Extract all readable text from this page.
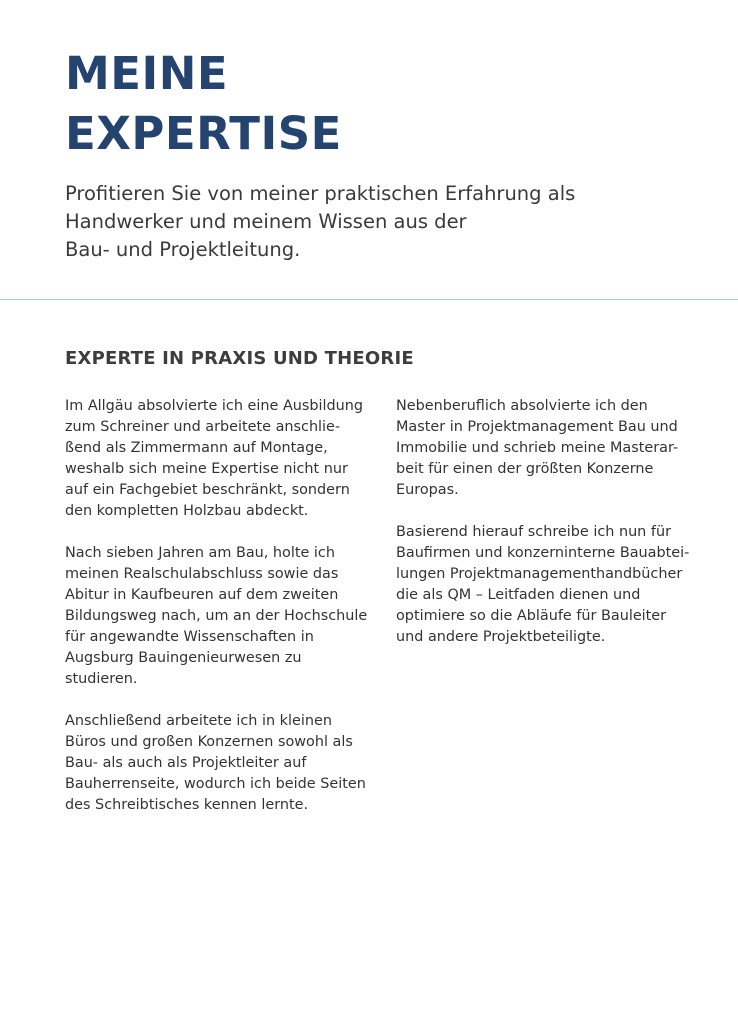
MEINE
EXPERTISE

Profitieren Sie von meiner praktischen Erfahrung als
Handwerker und meinem Wissen aus der
Bau- und Projektleitung.

EXPERTE IN PRAXIS UND THEORIE

Im Allgäu absolvierte ich eine Ausbildung
zum Schreiner und arbeitete anschlie-
ßend als Zimmermann auf Montage,
weshalb sich meine Expertise nicht nur
auf ein Fachgebiet beschränkt, sondern
den kompletten Holzbau abdeckt.

Nach sieben Jahren am Bau, holte ich
meinen Realschulabschluss sowie das
Abitur in Kaufbeuren auf dem zweiten
Bildungsweg nach, um an der Hochschule
für angewandte Wissenschaften in
Augsburg Bauingenieurwesen zu
studieren.

Anschließend arbeitete ich in kleinen
Büros und großen Konzernen sowohl als
Bau- als auch als Projektleiter auf
Bauherrenseite, wodurch ich beide Seiten
des Schreibtisches kennen lernte.

Nebenberuflich absolvierte ich den
Master in Projektmanagement Bau und
Immobilie und schrieb meine Masterar-
beit für einen der größten Konzerne
Europas.

Basierend hierauf schreibe ich nun für
Baufirmen und konzerninterne Bauabtei-
lungen Projektmanagementhandbücher
die als QM – Leitfaden dienen und
optimiere so die Abläufe für Bauleiter
und andere Projektbeteiligte.
